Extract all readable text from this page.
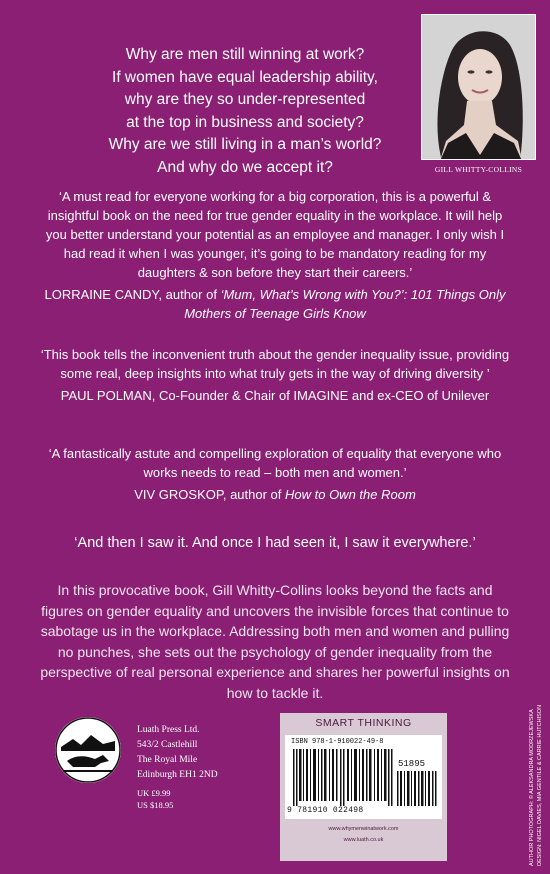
Why are men still winning at work?
If women have equal leadership ability,
why are they so under-represented
at the top in business and society?
Why are we still living in a man’s world?
And why do we accept it?	GILL WHITTY-COLLINS
‘A must read for everyone working for a big corporation, this is a powerful & insightful book on the need for true gender equality in the workplace. It will help you better understand your potential as an employee and manager. I only wish I had read it when I was younger, it’s going to be mandatory reading for my daughters & son before they start their careers.’
LORRAINE CANDY, author of ‘Mum, What’s Wrong with You?’: 101 Things Only Mothers of Teenage Girls Know
‘This book tells the inconvenient truth about the gender inequality issue, providing some real, deep insights into what truly gets in the way of driving diversity ’
PAUL POLMAN, Co-Founder & Chair of IMAGINE and ex-CEO of Unilever
‘A fantastically astute and compelling exploration of equality that everyone who works needs to read – both men and women.’
VIV GROSKOP, author of How to Own the Room
‘And then I saw it. And once I had seen it, I saw it everywhere.’
In this provocative book, Gill Whitty-Collins looks beyond the facts and figures on gender equality and uncovers the invisible forces that continue to sabotage us in the workplace. Addressing both men and women and pulling no punches, she sets out the psychology of gender inequality from the perspective of real personal experience and shares her powerful insights on how to tackle it.
Luath Press Ltd.
543/2 Castlehill
The Royal Mile
Edinburgh EH1 2ND
UK £9.99
US $18.95
SMART THINKING
ISBN 978-1-910022-49-8
51895
9 781910 022498
www.whymenwinatwork.com
www.luath.co.uk	AUTHOR PHOTOGRAPH: © ALEKSANDRA MODRZEJEWSKA DESIGN: NIGEL DAVIES, MIA GENTILE & CARRIE HUTCHISON
